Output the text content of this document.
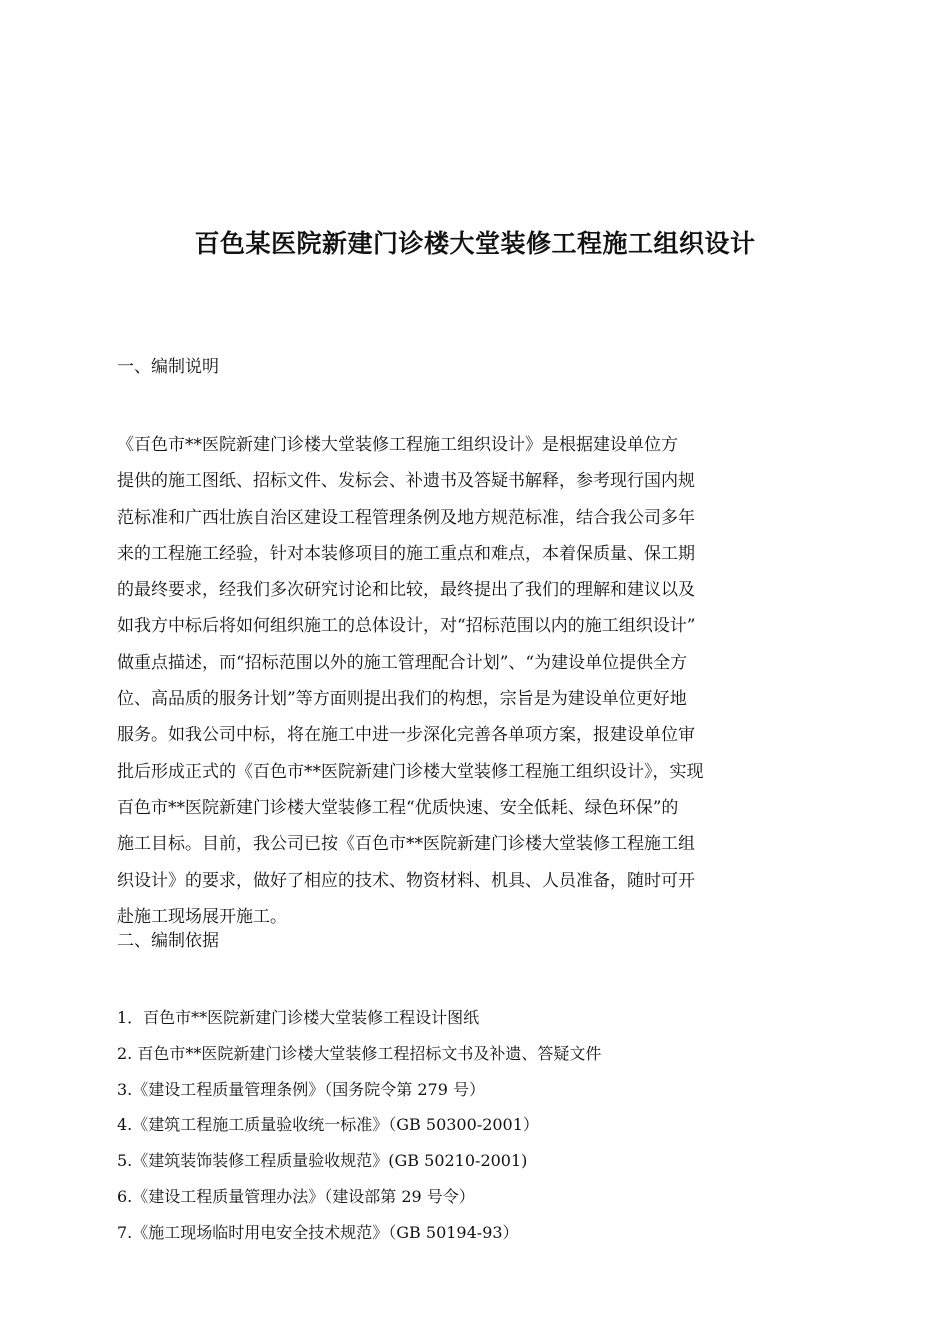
百色某医院新建门诊楼大堂装修工程施工组织设计
一、编制说明
《百色市**医院新建门诊楼大堂装修工程施工组织设计》是根据建设单位方
提供的施工图纸、招标文件、发标会、补遗书及答疑书解释，参考现行国内规
范标准和广西壮族自治区建设工程管理条例及地方规范标准，结合我公司多年
来的工程施工经验，针对本装修项目的施工重点和难点，本着保质量、保工期
的最终要求，经我们多次研究讨论和比较，最终提出了我们的理解和建议以及
如我方中标后将如何组织施工的总体设计，对“招标范围以内的施工组织设计”
做重点描述，而“招标范围以外的施工管理配合计划”、“为建设单位提供全方
位、高品质的服务计划”等方面则提出我们的构想，宗旨是为建设单位更好地
服务。如我公司中标，将在施工中进一步深化完善各单项方案，报建设单位审
批后形成正式的《百色市**医院新建门诊楼大堂装修工程施工组织设计》，实现
百色市**医院新建门诊楼大堂装修工程“优质快速、安全低耗、绿色环保”的
施工目标。目前，我公司已按《百色市**医院新建门诊楼大堂装修工程施工组
织设计》的要求，做好了相应的技术、物资材料、机具、人员准备，随时可开
赴施工现场展开施工。
二、编制依据
1．百色市**医院新建门诊楼大堂装修工程设计图纸
2. 百色市**医院新建门诊楼大堂装修工程招标文书及补遗、答疑文件
3.《建设工程质量管理条例》（国务院令第 279 号）
4.《建筑工程施工质量验收统一标准》（GB 50300-2001）
5.《建筑装饰装修工程质量验收规范》(GB 50210-2001)
6.《建设工程质量管理办法》（建设部第 29 号令）
7.《施工现场临时用电安全技术规范》（GB 50194-93）
